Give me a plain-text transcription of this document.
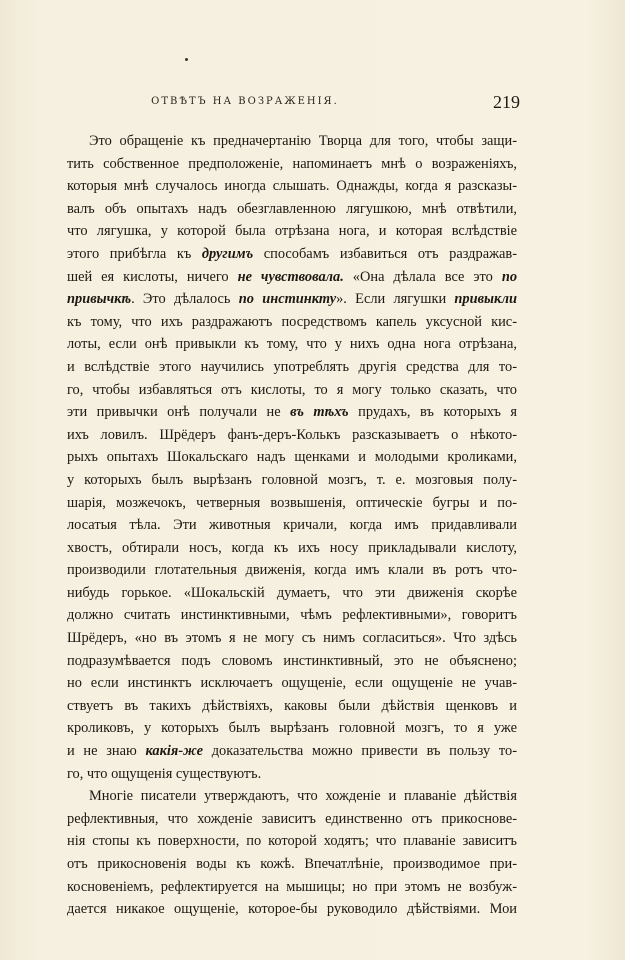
ОТВѢТЪ НА ВОЗРАЖЕНІЯ.	219
Это обращеніе къ предначертанію Творца для того, чтобы защи-
тить собственное предположеніе, напоминаетъ мнѣ о возраженіяхъ,
которыя мнѣ случалось иногда слышать. Однажды, когда я разсказы-
валъ объ опытахъ надъ обезглавленною лягушкою, мнѣ отвѣтили,
что лягушка, у которой была отрѣзана нога, и которая вслѣдствіе
этого прибѣгла къ другимъ способамъ избавиться отъ раздражав-
шей ея кислоты, ничего не чувствовала. «Она дѣлала все это по
привычкѣ. Это дѣлалось по инстинкту». Если лягушки привыкли
къ тому, что ихъ раздражаютъ посредствомъ капель уксусной кис-
лоты, если онѣ привыкли къ тому, что у нихъ одна нога отрѣзана,
и вслѣдствіе этого научились употреблять другія средства для то-
го, чтобы избавляться отъ кислоты, то я могу только сказать, что
эти привычки онѣ получали не въ тѣхъ прудахъ, въ которыхъ я
ихъ ловилъ. Шрёдеръ фанъ-деръ-Колькъ разсказываетъ о нѣкото-
рыхъ опытахъ Шокальскаго надъ щенками и молодыми кроликами,
у которыхъ былъ вырѣзанъ головной мозгъ, т. е. мозговыя полу-
шарія, мозжечокъ, четверныя возвышенія, оптическіе бугры и по-
лосатыя тѣла. Эти животныя кричали, когда имъ придавливали
хвостъ, обтирали носъ, когда къ ихъ носу прикладывали кислоту,
производили глотательныя движенія, когда имъ клали въ ротъ что-
нибудь горькое. «Шокальскій думаетъ, что эти движенія скорѣе
должно считать инстинктивными, чѣмъ рефлективными», говоритъ
Шрёдеръ, «но въ этомъ я не могу съ нимъ согласиться». Что здѣсь
подразумѣвается подъ словомъ инстинктивный, это не объяснено;
но если инстинктъ исключаетъ ощущеніе, если ощущеніе не учав-
ствуетъ въ такихъ дѣйствіяхъ, каковы были дѣйствія щенковъ и
кроликовъ, у которыхъ былъ вырѣзанъ головной мозгъ, то я уже
и не знаю какія-же доказательства можно привести въ пользу то-
го, что ощущенія существуютъ.
Многіе писатели утверждаютъ, что хожденіе и плаваніе дѣйствія
рефлективныя, что хожденіе зависитъ единственно отъ прикоснове-
нія стопы къ поверхности, по которой ходятъ; что плаваніе зависитъ
отъ прикосновенія воды къ кожѣ. Впечатлѣніе, производимое при-
косновеніемъ, рефлектируется на мышицы; но при этомъ не возбуж-
дается никакое ощущеніе, которое-бы руководило дѣйствіями. Мои
